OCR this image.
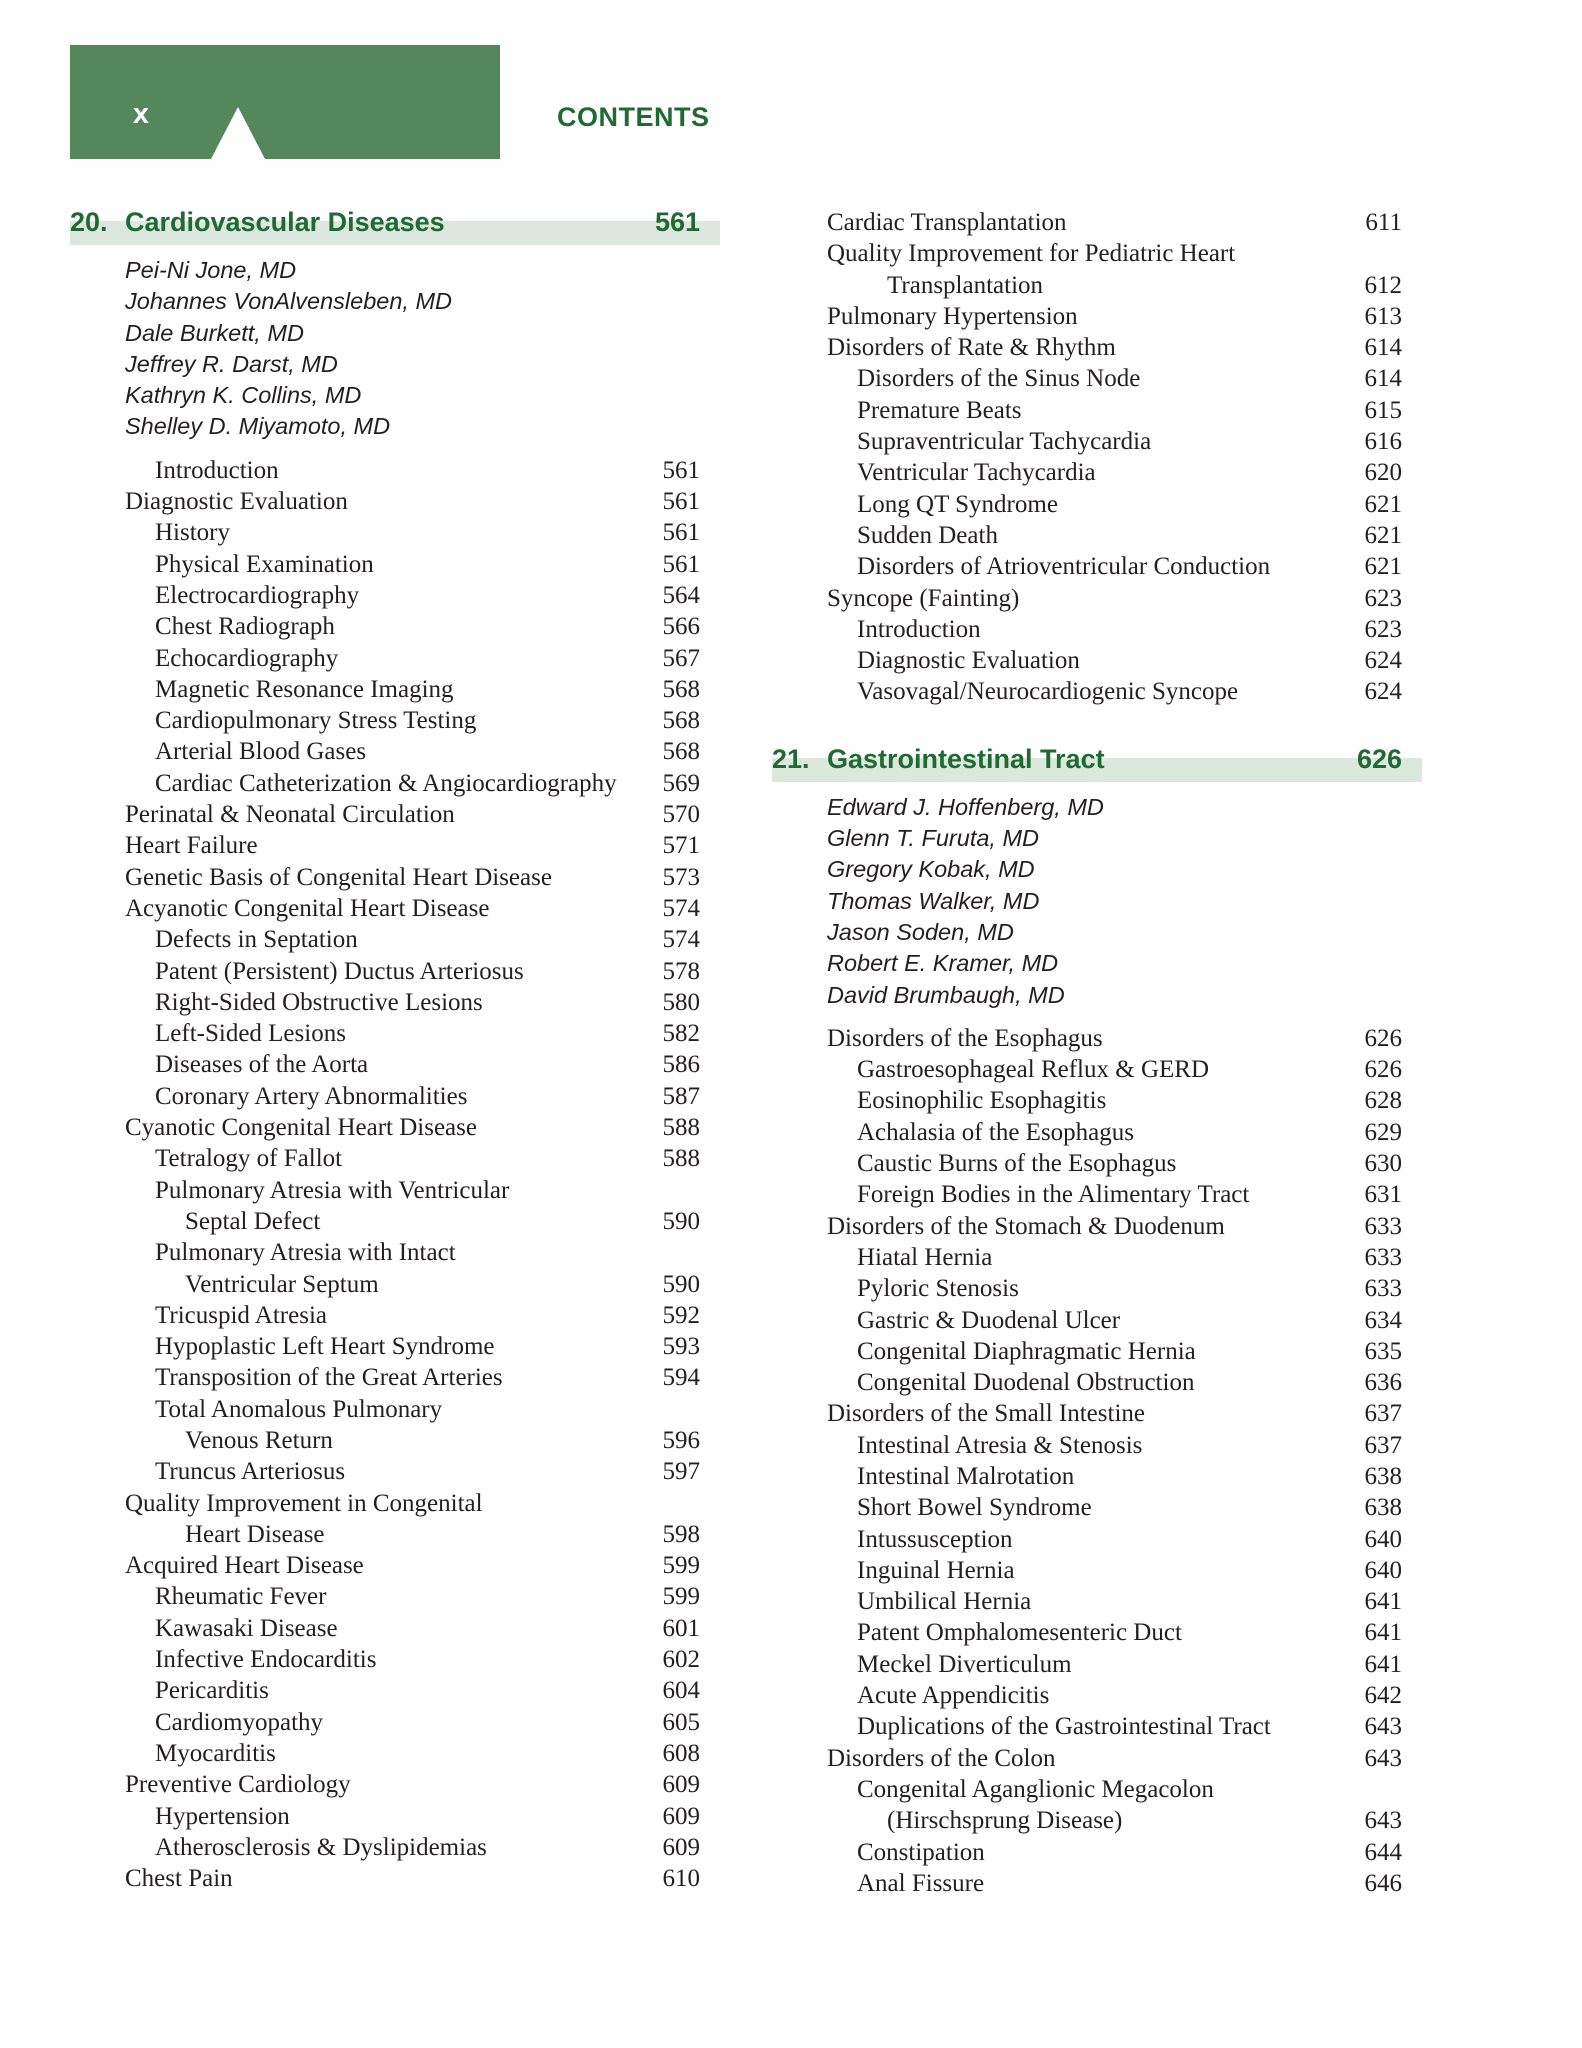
x	CONTENTS
20. Cardiovascular Diseases	561
Pei-Ni Jone, MD
Johannes VonAlvensleben, MD
Dale Burkett, MD
Jeffrey R. Darst, MD
Kathryn K. Collins, MD
Shelley D. Miyamoto, MD
Introduction	561
Diagnostic Evaluation	561
History	561
Physical Examination	561
Electrocardiography	564
Chest Radiograph	566
Echocardiography	567
Magnetic Resonance Imaging	568
Cardiopulmonary Stress Testing	568
Arterial Blood Gases	568
Cardiac Catheterization & Angiocardiography 569
Perinatal & Neonatal Circulation	570
Heart Failure	571
Genetic Basis of Congenital Heart Disease	573
Acyanotic Congenital Heart Disease	574
Defects in Septation	574
Patent (Persistent) Ductus Arteriosus	578
Right-Sided Obstructive Lesions	580
Left-Sided Lesions	582
Diseases of the Aorta	586
Coronary Artery Abnormalities	587
Cyanotic Congenital Heart Disease	588
Tetralogy of Fallot	588
Pulmonary Atresia with Ventricular
Septal Defect	590
Pulmonary Atresia with Intact
Ventricular Septum	590
Tricuspid Atresia	592
Hypoplastic Left Heart Syndrome	593
Transposition of the Great Arteries	594
Total Anomalous Pulmonary
Venous Return	596
Truncus Arteriosus	597
Quality Improvement in Congenital
Heart Disease	598
Acquired Heart Disease	599
Rheumatic Fever	599
Kawasaki Disease	601
Infective Endocarditis	602
Pericarditis	604
Cardiomyopathy	605
Myocarditis	608
Preventive Cardiology	609
Hypertension	609
Atherosclerosis & Dyslipidemias	609
Chest Pain	610
Cardiac Transplantation	611
Quality Improvement for Pediatric Heart
Transplantation	612
Pulmonary Hypertension	613
Disorders of Rate & Rhythm	614
Disorders of the Sinus Node	614
Premature Beats	615
Supraventricular Tachycardia	616
Ventricular Tachycardia	620
Long QT Syndrome	621
Sudden Death	621
Disorders of Atrioventricular Conduction	621
Syncope (Fainting)	623
Introduction	623
Diagnostic Evaluation	624
Vasovagal/Neurocardiogenic Syncope	624
21. Gastrointestinal Tract	626
Edward J. Hoffenberg, MD
Glenn T. Furuta, MD
Gregory Kobak, MD
Thomas Walker, MD
Jason Soden, MD
Robert E. Kramer, MD
David Brumbaugh, MD
Disorders of the Esophagus	626
Gastroesophageal Reflux & GERD	626
Eosinophilic Esophagitis	628
Achalasia of the Esophagus	629
Caustic Burns of the Esophagus	630
Foreign Bodies in the Alimentary Tract	631
Disorders of the Stomach & Duodenum	633
Hiatal Hernia	633
Pyloric Stenosis	633
Gastric & Duodenal Ulcer	634
Congenital Diaphragmatic Hernia	635
Congenital Duodenal Obstruction	636
Disorders of the Small Intestine	637
Intestinal Atresia & Stenosis	637
Intestinal Malrotation	638
Short Bowel Syndrome	638
Intussusception	640
Inguinal Hernia	640
Umbilical Hernia	641
Patent Omphalomesenteric Duct	641
Meckel Diverticulum	641
Acute Appendicitis	642
Duplications of the Gastrointestinal Tract	643
Disorders of the Colon	643
Congenital Aganglionic Megacolon
(Hirschsprung Disease)	643
Constipation	644
Anal Fissure	646
